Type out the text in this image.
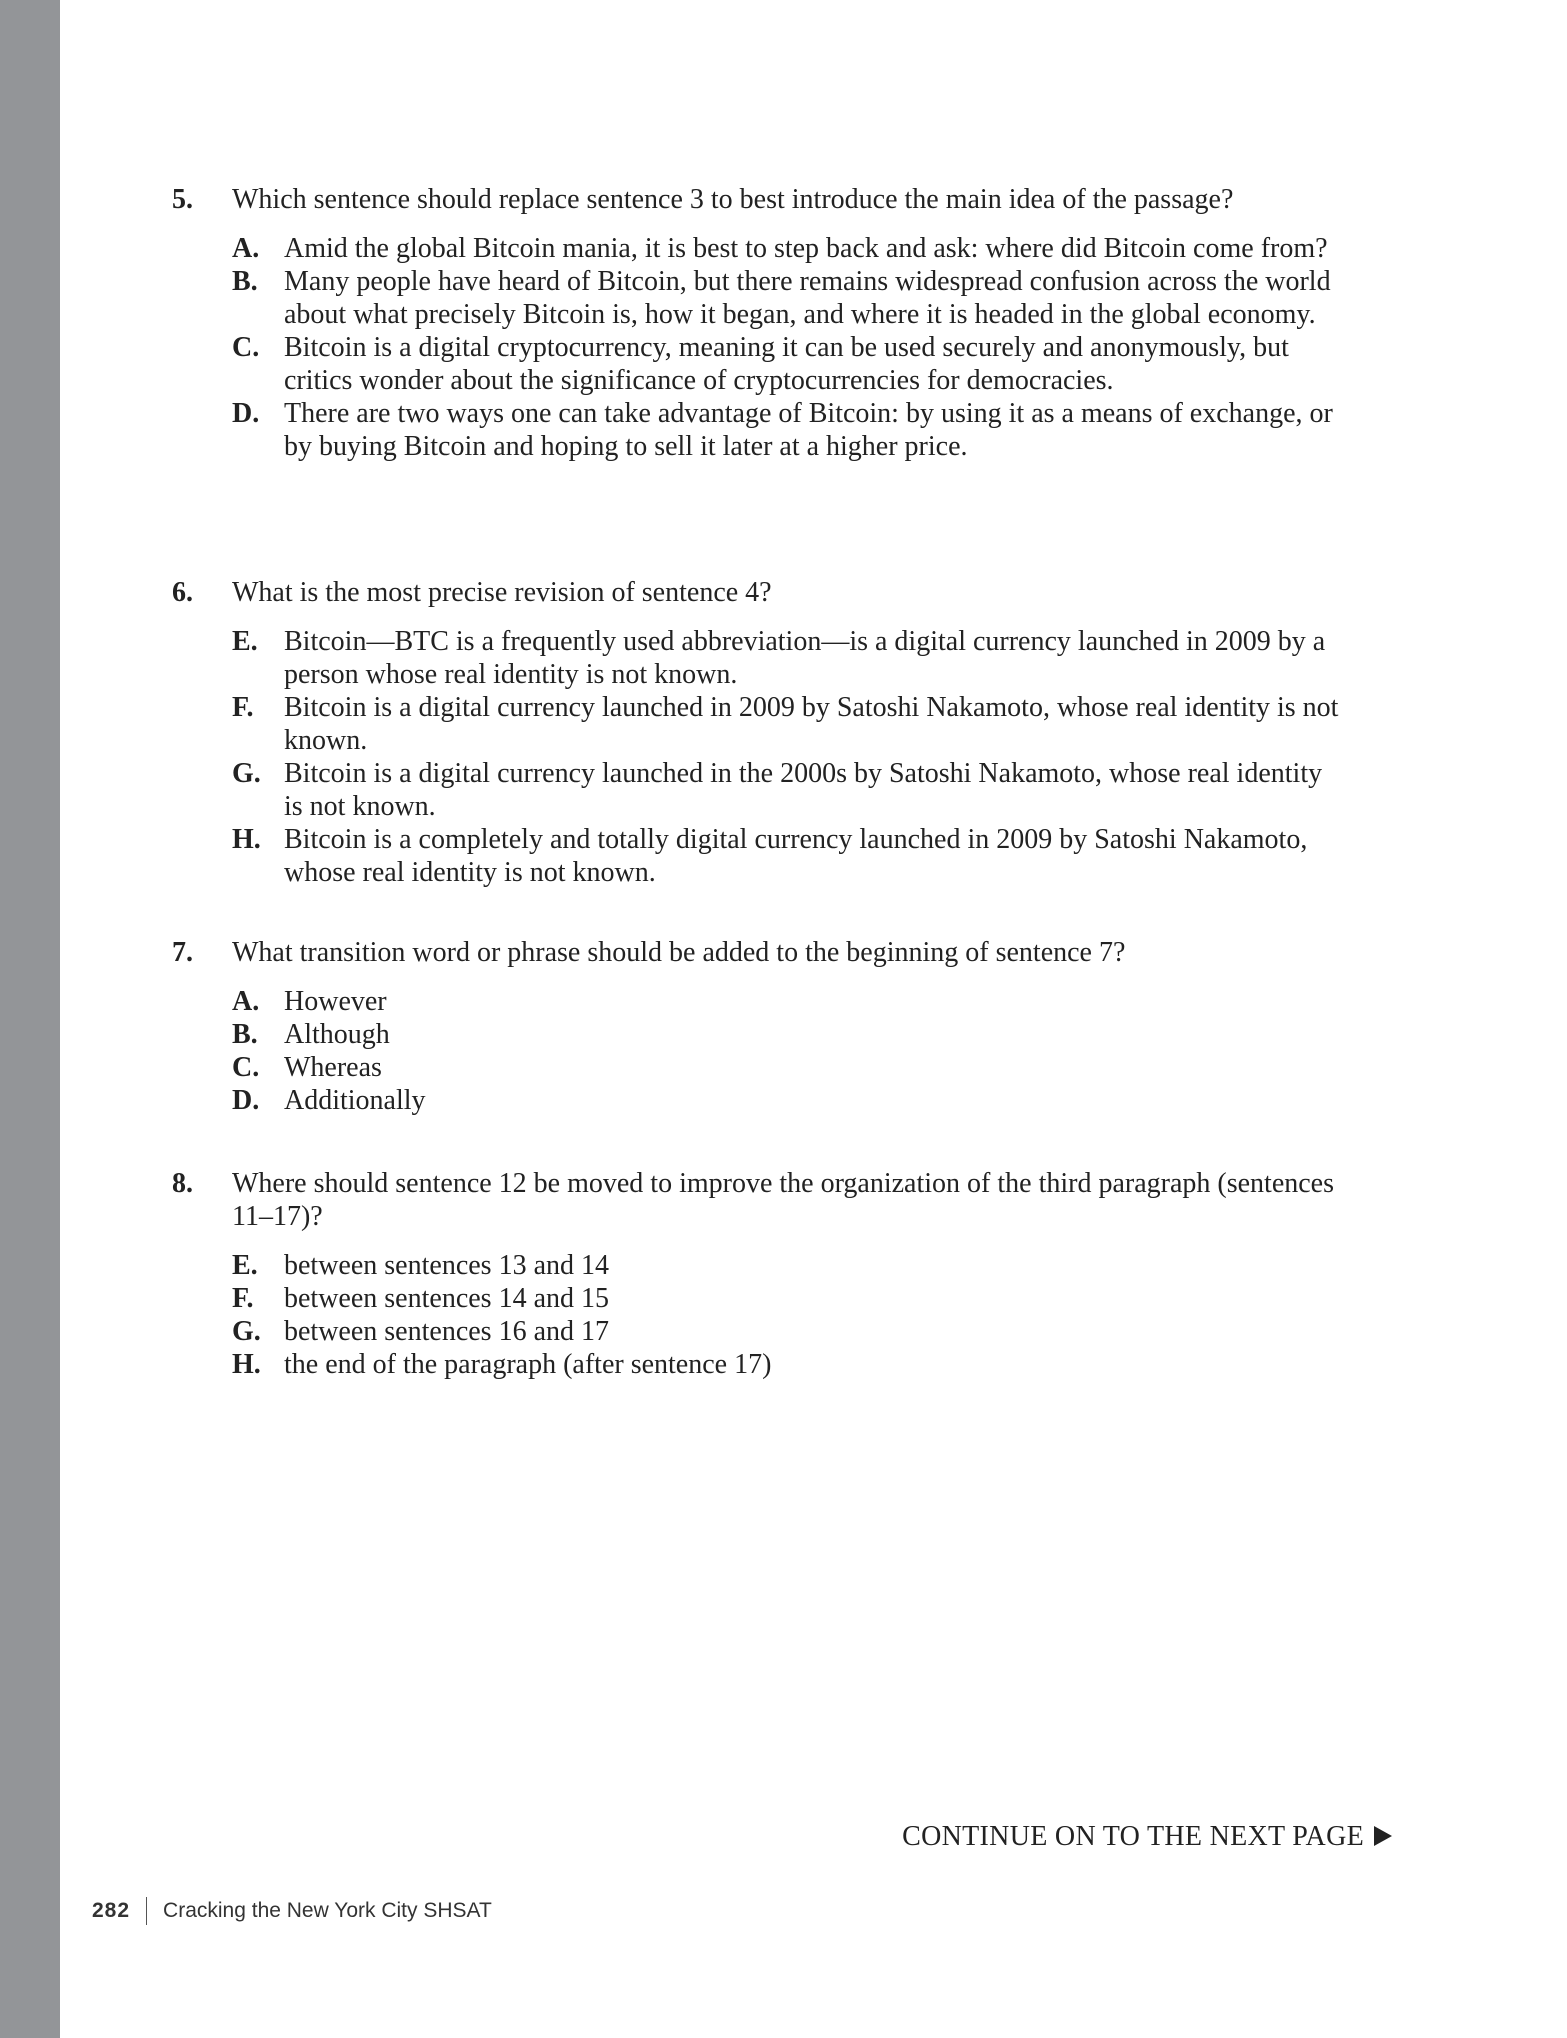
5. Which sentence should replace sentence 3 to best introduce the main idea of the passage?
A. Amid the global Bitcoin mania, it is best to step back and ask: where did Bitcoin come from?
B. Many people have heard of Bitcoin, but there remains widespread confusion across the world about what precisely Bitcoin is, how it began, and where it is headed in the global economy.
C. Bitcoin is a digital cryptocurrency, meaning it can be used securely and anonymously, but critics wonder about the significance of cryptocurrencies for democracies.
D. There are two ways one can take advantage of Bitcoin: by using it as a means of exchange, or by buying Bitcoin and hoping to sell it later at a higher price.
6. What is the most precise revision of sentence 4?
E. Bitcoin—BTC is a frequently used abbreviation—is a digital currency launched in 2009 by a person whose real identity is not known.
F. Bitcoin is a digital currency launched in 2009 by Satoshi Nakamoto, whose real identity is not known.
G. Bitcoin is a digital currency launched in the 2000s by Satoshi Nakamoto, whose real identity is not known.
H. Bitcoin is a completely and totally digital currency launched in 2009 by Satoshi Nakamoto, whose real identity is not known.
7. What transition word or phrase should be added to the beginning of sentence 7?
A. However
B. Although
C. Whereas
D. Additionally
8. Where should sentence 12 be moved to improve the organization of the third paragraph (sentences 11–17)?
E. between sentences 13 and 14
F. between sentences 14 and 15
G. between sentences 16 and 17
H. the end of the paragraph (after sentence 17)
CONTINUE ON TO THE NEXT PAGE
282 Cracking the New York City SHSAT
